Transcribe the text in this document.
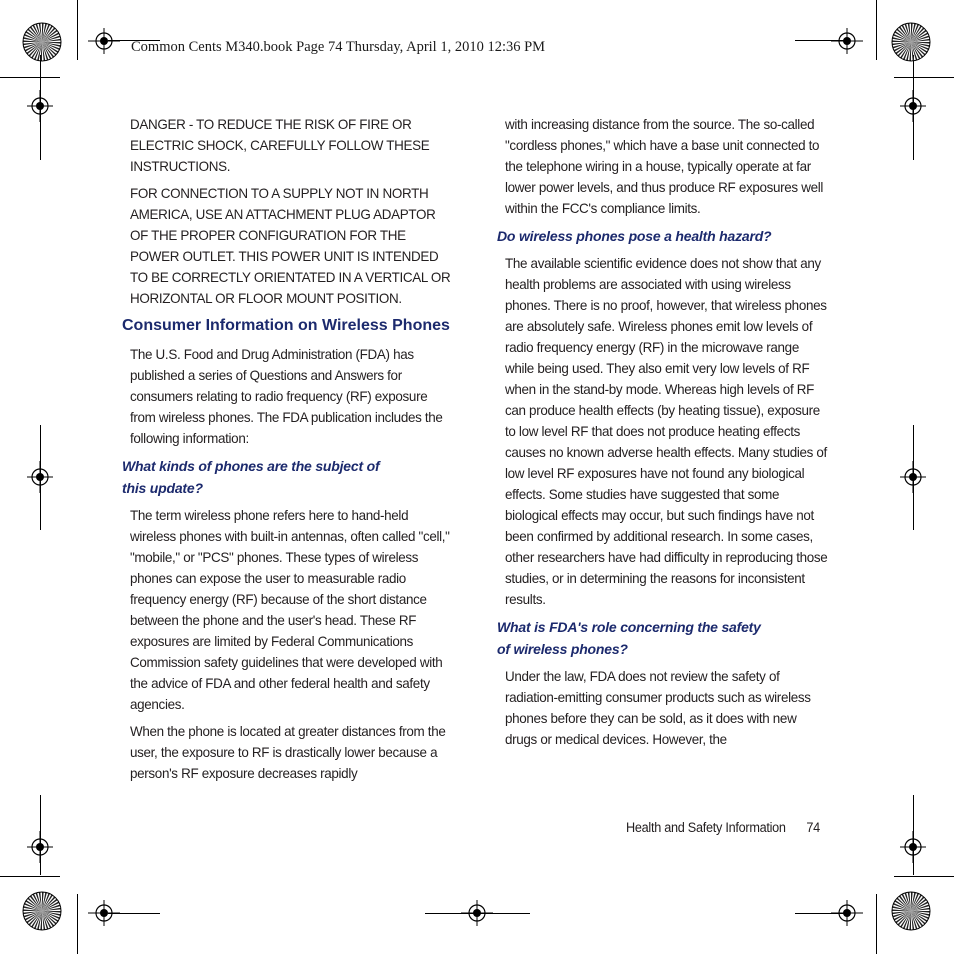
Common Cents M340.book Page 74 Thursday, April 1, 2010 12:36 PM

DANGER - TO REDUCE THE RISK OF FIRE OR ELECTRIC SHOCK, CAREFULLY FOLLOW THESE INSTRUCTIONS.

FOR CONNECTION TO A SUPPLY NOT IN NORTH AMERICA, USE AN ATTACHMENT PLUG ADAPTOR OF THE PROPER CONFIGURATION FOR THE POWER OUTLET. THIS POWER UNIT IS INTENDED TO BE CORRECTLY ORIENTATED IN A VERTICAL OR HORIZONTAL OR FLOOR MOUNT POSITION.

Consumer Information on Wireless Phones

The U.S. Food and Drug Administration (FDA) has published a series of Questions and Answers for consumers relating to radio frequency (RF) exposure from wireless phones. The FDA publication includes the following information:

What kinds of phones are the subject of
this update?

The term wireless phone refers here to hand-held wireless phones with built-in antennas, often called "cell," "mobile," or "PCS" phones. These types of wireless phones can expose the user to measurable radio frequency energy (RF) because of the short distance between the phone and the user's head. These RF exposures are limited by Federal Communications Commission safety guidelines that were developed with the advice of FDA and other federal health and safety agencies.

When the phone is located at greater distances from the user, the exposure to RF is drastically lower because a person's RF exposure decreases rapidly

with increasing distance from the source. The so-called "cordless phones," which have a base unit connected to the telephone wiring in a house, typically operate at far lower power levels, and thus produce RF exposures well within the FCC's compliance limits.

Do wireless phones pose a health hazard?

The available scientific evidence does not show that any health problems are associated with using wireless phones. There is no proof, however, that wireless phones are absolutely safe. Wireless phones emit low levels of radio frequency energy (RF) in the microwave range while being used. They also emit very low levels of RF when in the stand-by mode. Whereas high levels of RF can produce health effects (by heating tissue), exposure to low level RF that does not produce heating effects causes no known adverse health effects. Many studies of low level RF exposures have not found any biological effects. Some studies have suggested that some biological effects may occur, but such findings have not been confirmed by additional research. In some cases, other researchers have had difficulty in reproducing those studies, or in determining the reasons for inconsistent results.

What is FDA's role concerning the safety
of wireless phones?

Under the law, FDA does not review the safety of radiation-emitting consumer products such as wireless phones before they can be sold, as it does with new drugs or medical devices. However, the

Health and Safety Information 74
